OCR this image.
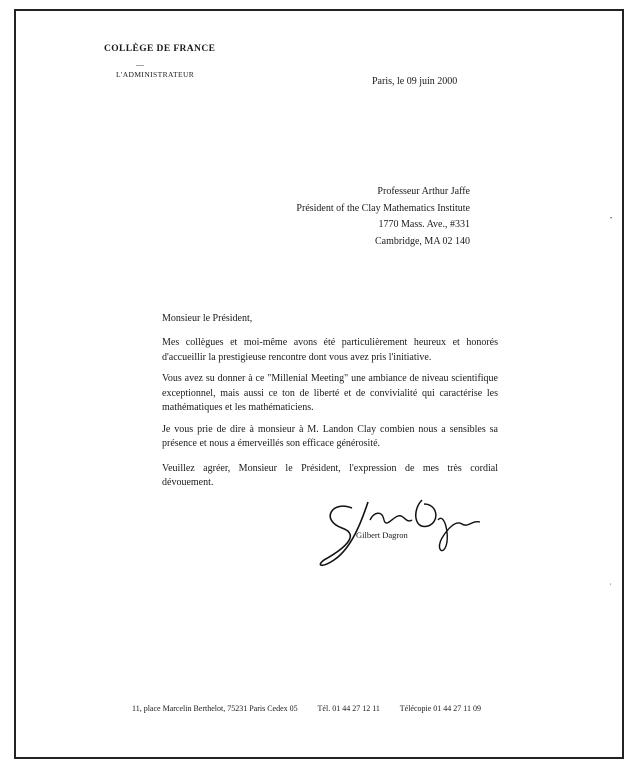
COLLÈGE DE FRANCE
—
L'ADMINISTRATEUR
Paris, le 09 juin 2000
Professeur Arthur Jaffe
Président of the Clay Mathematics Institute
1770 Mass. Ave., #331
Cambridge, MA 02 140
Monsieur le Président,

Mes collègues et moi-même avons été particulièrement heureux et honorés d'accueillir la prestigieuse rencontre dont vous avez pris l'initiative.

Vous avez su donner à ce "Millenial Meeting" une ambiance de niveau scientifique exceptionnel, mais aussi ce ton de liberté et de convivialité qui caractérise les mathématiques et les mathématiciens.

Je vous prie de dire à monsieur à M. Landon Clay combien nous a sensibles sa présence et nous a émerveillés son efficace générosité.

Veuillez agréer, Monsieur le Président, l'expression de mes très cordial dévouement.

Gilbert Dagron
11, place Marcelin Berthelot, 75231 Paris Cedex 05 Tél. 01 44 27 12 11 Télécopie 01 44 27 11 09
•
,
